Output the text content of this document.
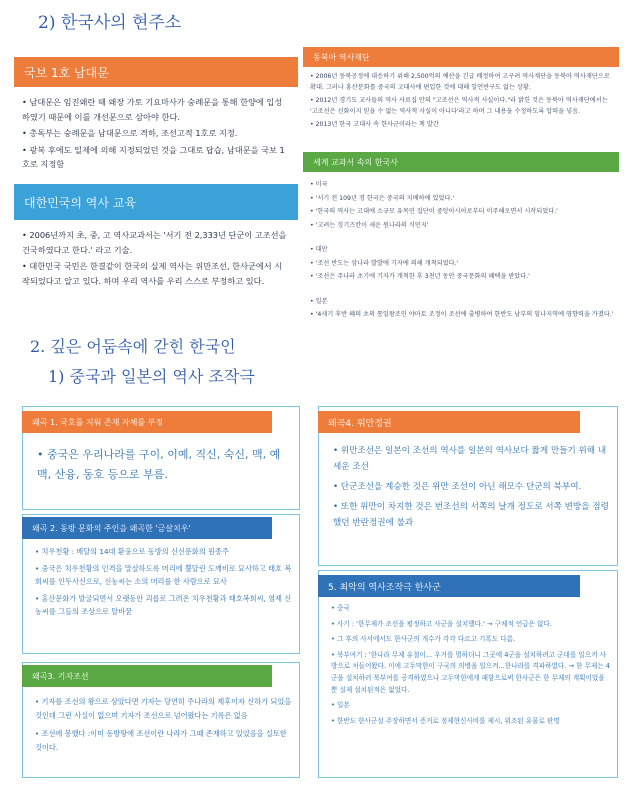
2) 한국사의 현주소
2. 깊은 어둠속에 갇힌 한국인
1) 중국과 일본의 역사 조작극
국보 1호 남대문

• 남대문은 임진왜란 때 왜장 가토 기요마사가 숭례문을 통해 한양에 입성하였기 때문에 이를 개선문으로 삼아야 한다.

• 총독부는 숭례문을 남대문으로 격하, 조선고적 1호로 지정.

• 광복 후에도 일제에 의해 지정되었던 것을 그대로 답습, 남대문을 국보 1호로 지정함

대한민국의 역사 교육

• 2006년까지 초, 중, 고 역사교과서는 '서기 전 2,333년 단군이 고조선을 건국하였다고 한다.' 라고 기술.

• 대한민국 국민은 한결같이 한국의 실제 역사는 위만조선, 한사군에서 시작되었다고 알고 있다. 하며 우리 역사를 우리 스스로 부정하고 있다.

동북아 역사재단

• 2006년 동북공정에 대응하기 위해 2,500억의 예산을 긴급 배정하여 고구려 역사재단을 동북아 역사재단으로 확대. 그러나 홍산문화를 중국의 고대사에 편입한 것에 대해 일언반구도 없는 상황.

• 2012년 경기도 교사들의 역사 사료집 안의 "고조선은 역사적 사실이다."라 밝힌 것은 동북아 역사재단에서는 '고조선은 신화이지 믿을 수 없는 역사적 사실이 아니다'라고 하며 그 내용을 수정하도록 압력을 넣음.

• 2013년 한국 고대사 속 한사군이라는 책 발간

세계 교과서 속의 한국사

• 미국

• '서기 전 109년 경 한국은 중국의 지배하에 있었다.'

• '한국의 역사는 고대에 소규모 유목민 집단이 중앙아시아로부터 이주해오면서 시작되었다.'

• '고려는 징기즈칸이 세운 원나라의 식민지'

• 대만

• '조선 반도는 삼나라 발발에 기자에 의해 개척되었다.'

• '조선은 주나라 초기에 기자가 개척한 후 3천년 동안 중국문화의 혜택을 받았다.'

• 일본

• '4세기 후반 왜의 초의 통일왕조인 야마토 조정이 조선에 출병하여 한반도 남부의 임나지역에 영향력을 가졌다.'

왜곡 1. 국호를 지워 존재 자체를 부정
• 중국은 우리나라를 구이, 이예, 직신, 숙신, 맥, 예맥, 산융, 동호 등으로 부름.
왜곡 2. 동방 문화의 주인을 왜곡한 '금살치우'

• 치우천황 : 배달의 14대 환웅으로 동방의 신선문화의 원종주

• 중국은 치우천황의 인격을 말살하도록 머리에 뿔달린 도깨비로 묘사하고 태호 복희씨를 인두사신으로, 신농씨는 소의 머리를 한 사람으로 묘사

• 홍산문화가 발굴되면서 오랫동안 괴롭로 그려온 치우천황과 태호복희씨, 염제 신농씨를 그들의 조상으로 탈바꿈

왜곡3. 기자조선

• 기자를 조선의 왕으로 삼았다면 기자는 당연히 주나라의 제후이자 신하가 되었을 것인데 그런 사실이 없으며 기자가 조선으로 넘어왔다는 기록은 없음

• 조선에 봉했다 :이미 동방땅에 조선이란 나라가 그때 존재하고 있었음을 실토한 것이다.

왜곡4. 위만정권

• 위만조선은 일본이 조선의 역사를 일본의 역사보다 짧게 만들기 위해 내세운 조선

• 단군조선을 계승한 것은 위만 조선이 아닌 해모수 단군의 북부여.

• 또한 위만이 차지한 것은 번조선의 서쪽의 날개 정도로 서쪽 변방을 점령했던 반란정권에 불과

5. 최악의 역사조작극 한사군

• 중국

• 사기 : '한무제가 조선을 평정하고 사군을 설치했다.' → 구체적 언급은 없다.

• 그 후의 사서에서도 한사군의 개수가 각각 다르고 기록도 다름.

• 북부여기 : '한나라 무제 유철이... 우거를 멸하더니 그곳에 4군을 설치하려고 군대를 일으켜 사방으로 처들어왔다. 이에 고두막한이 구국의 의병을 일으켜...한나라를 격파하였다. → 한 무제는 4군을 설치하러 북부여를 공격하였으나 고두막한에게 패함으로써 한사군은 한 무제의 계획이었을 뿐 실제 설치된적은 없었다.

• 일본

• 한반도 한사군설 주장하면서 증거로 점제현신사비를 제시, 위조된 유물로 판명
